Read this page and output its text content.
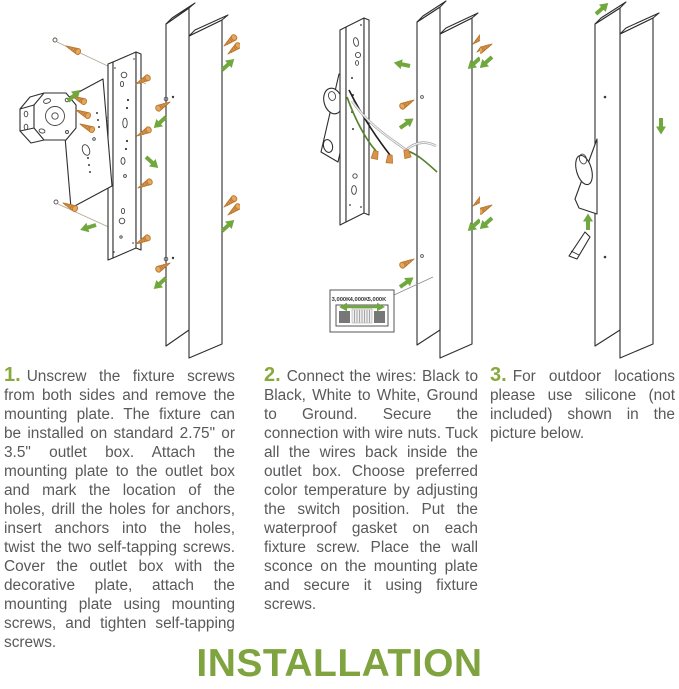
3,000K 4,000K 5,000K

1. Unscrew the fixture screws from both sides and remove the mounting plate. The fixture can be installed on standard 2.75" or 3.5" outlet box. Attach the mounting plate to the outlet box and mark the location of the holes, drill the holes for anchors, insert anchors into the holes, twist the two self-tapping screws. Cover the outlet box with the decorative plate, attach the mounting plate using mounting screws, and tighten self-tapping screws.

2. Connect the wires: Black to Black, White to White, Ground to Ground. Secure the connection with wire nuts. Tuck all the wires back inside the outlet box. Choose preferred color temperature by adjusting the switch position. Put the waterproof gasket on each fixture screw. Place the wall sconce on the mounting plate and secure it using fixture screws.

3. For outdoor locations please use silicone (not included) shown in the picture below.

INSTALLATION
